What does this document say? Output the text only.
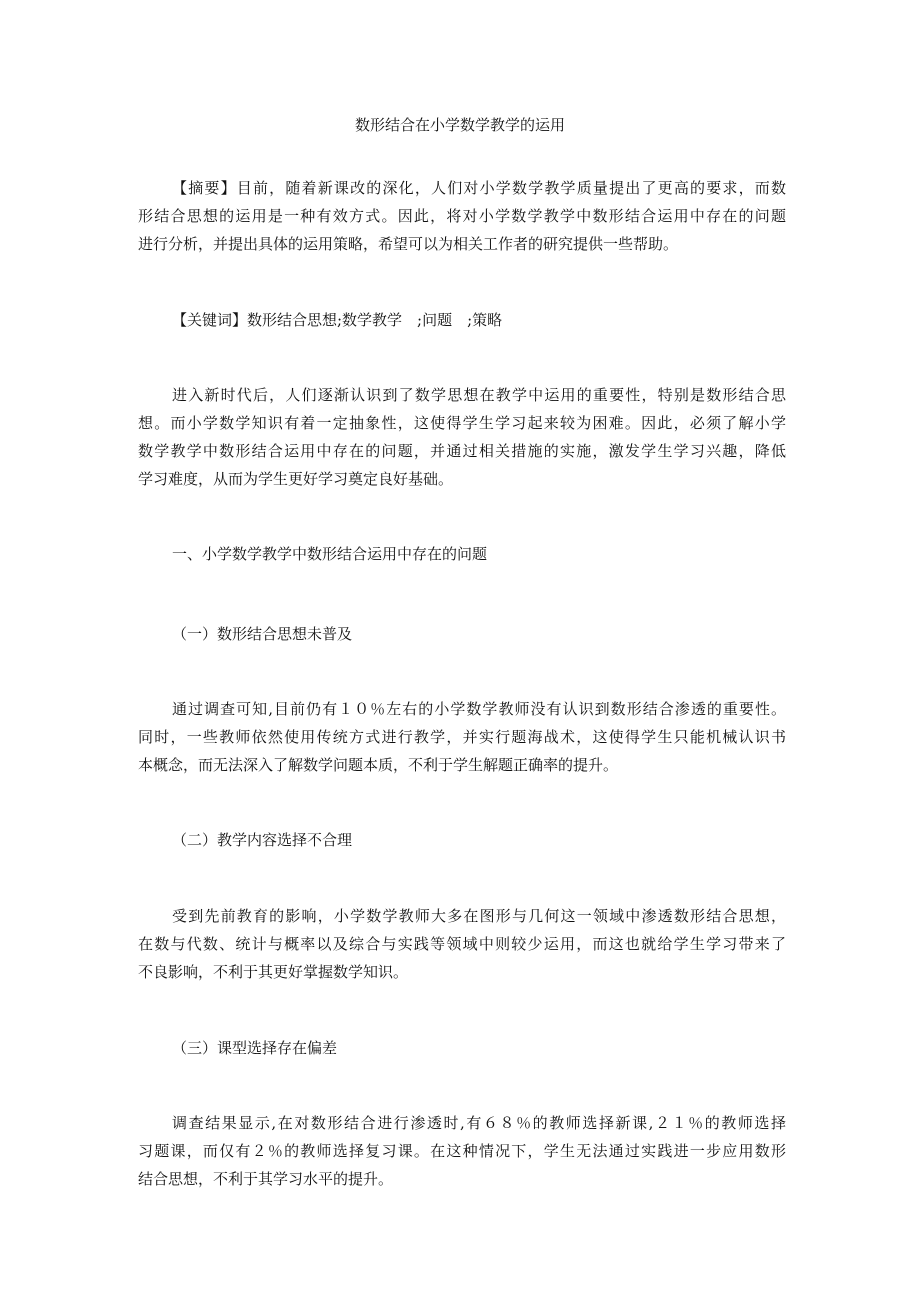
数形结合在小学数学教学的运用
【摘要】目前，随着新课改的深化，人们对小学数学教学质量提出了更高的要求，而数
形结合思想的运用是一种有效方式。因此，将对小学数学教学中数形结合运用中存在的问题
进行分析，并提出具体的运用策略，希望可以为相关工作者的研究提供一些帮助。
【关键词】数形结合思想;数学教学　;问题　;策略
进入新时代后，人们逐渐认识到了数学思想在教学中运用的重要性，特别是数形结合思
想。而小学数学知识有着一定抽象性，这使得学生学习起来较为困难。因此，必须了解小学
数学教学中数形结合运用中存在的问题，并通过相关措施的实施，激发学生学习兴趣，降低
学习难度，从而为学生更好学习奠定良好基础。
一、小学数学教学中数形结合运用中存在的问题
（一）数形结合思想未普及
通过调查可知,目前仍有１０％左右的小学数学教师没有认识到数形结合渗透的重要性。
同时，一些教师依然使用传统方式进行教学，并实行题海战术，这使得学生只能机械认识书
本概念，而无法深入了解数学问题本质，不利于学生解题正确率的提升。
（二）教学内容选择不合理
受到先前教育的影响，小学数学教师大多在图形与几何这一领域中渗透数形结合思想，
在数与代数、统计与概率以及综合与实践等领域中则较少运用，而这也就给学生学习带来了
不良影响，不利于其更好掌握数学知识。
（三）课型选择存在偏差
调查结果显示,在对数形结合进行渗透时,有６８％的教师选择新课,２１％的教师选择
习题课，而仅有２％的教师选择复习课。在这种情况下，学生无法通过实践进一步应用数形
结合思想，不利于其学习水平的提升。
